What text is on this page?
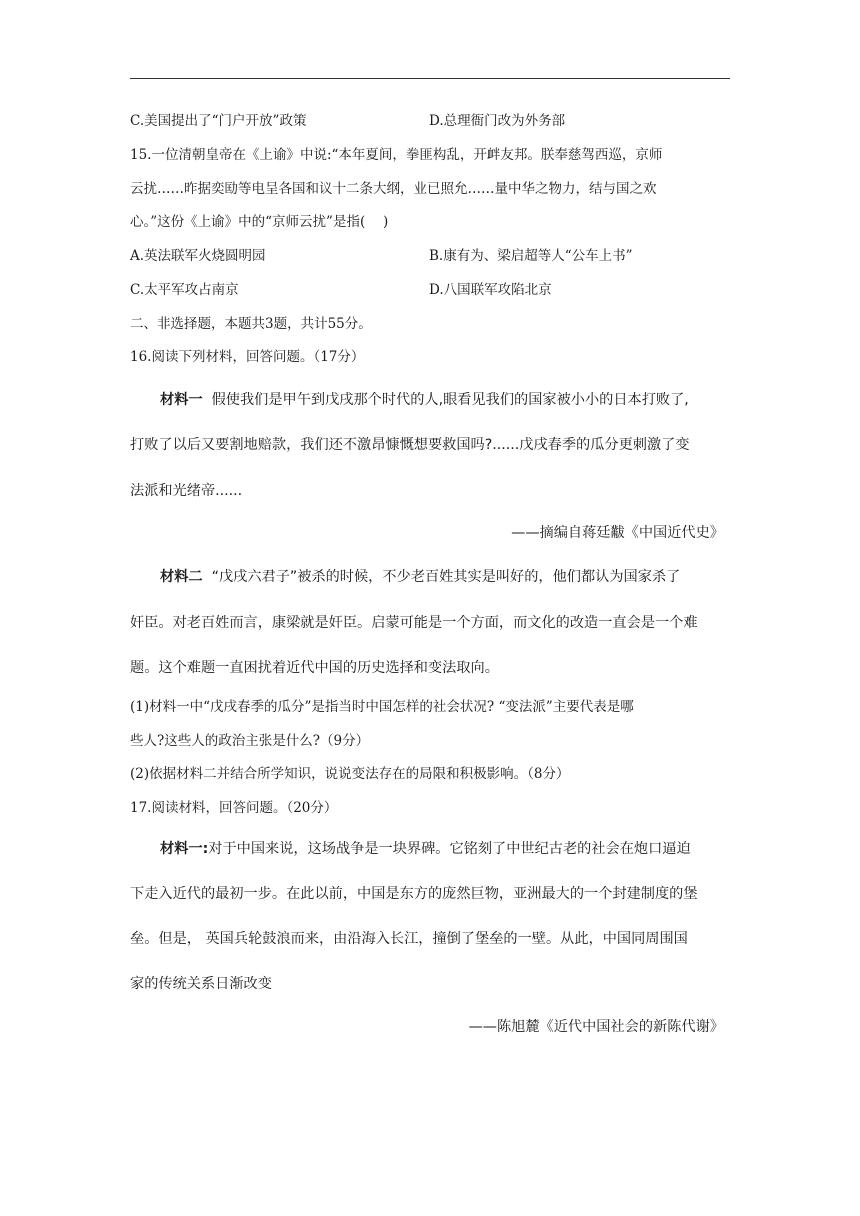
C.美国提出了“门户开放”政策	D.总理衙门改为外务部
15.一位清朝皇帝在《上谕》中说:“本年夏间，拳匪构乱，开衅友邦。朕奉慈驾西巡，京师
云扰……昨据奕劻等电呈各国和议十二条大纲，业已照允……量中华之物力，结与国之欢
心。”这份《上谕》中的“京师云扰”是指(　 )
A.英法联军火烧圆明园	B.康有为、梁启超等人“公车上书”
C.太平军攻占南京	D.八国联军攻陷北京
二、非选择题，本题共3题，共计55分。
16.阅读下列材料，回答问题。（17分）
材料一 假使我们是甲午到戊戌那个时代的人,眼看见我们的国家被小小的日本打败了,
打败了以后又要割地赔款，我们还不激昂慷慨想要救国吗?......戊戌春季的瓜分更刺激了变
法派和光绪帝......
——摘编自蒋廷黻《中国近代史》
材料二 “戊戌六君子”被杀的时候，不少老百姓其实是叫好的，他们都认为国家杀了
奸臣。对老百姓而言，康梁就是奸臣。启蒙可能是一个方面，而文化的改造一直会是一个难
题。这个难题一直困扰着近代中国的历史选择和变法取向。
(1)材料一中“戊戌春季的瓜分”是指当时中国怎样的社会状况? “变法派”主要代表是哪
些人?这些人的政治主张是什么?（9分）
(2)依据材料二并结合所学知识，说说变法存在的局限和积极影响。（8分）
17.阅读材料，回答问题。（20分）
材料一:对于中国来说，这场战争是一块界碑。它铭刻了中世纪古老的社会在炮口逼迫
下走入近代的最初一步。在此以前，中国是东方的庞然巨物，亚洲最大的一个封建制度的堡
垒。但是， 英国兵轮鼓浪而来，由沿海入长江，撞倒了堡垒的一壁。从此，中国同周围国
家的传统关系日渐改变
——陈旭麓《近代中国社会的新陈代谢》
